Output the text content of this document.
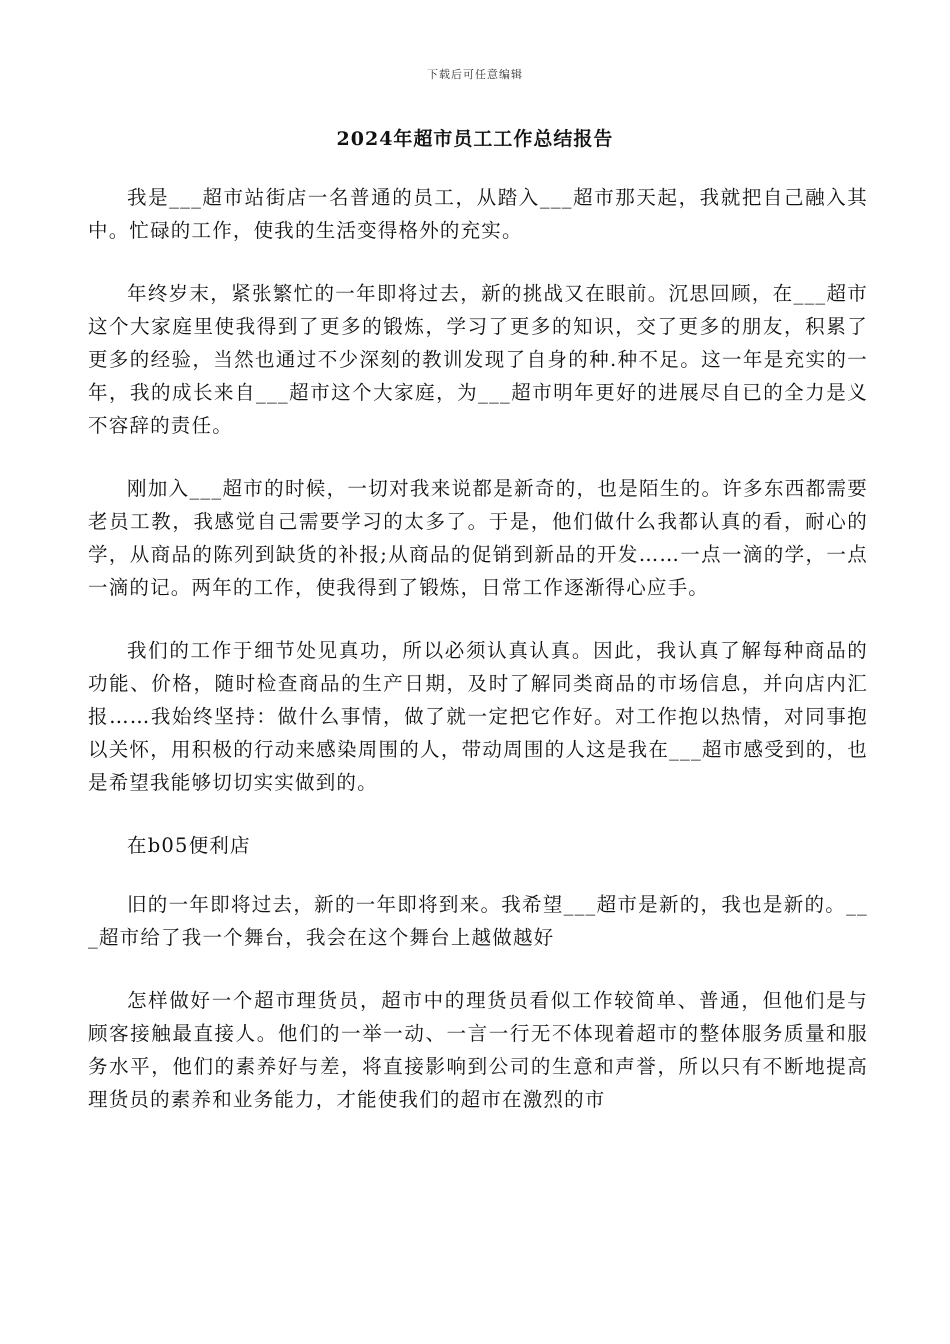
下载后可任意编辑
2024年超市员工工作总结报告

我是___超市站街店一名普通的员工，从踏入___超市那天起，我就把自己融入其中。忙碌的工作，使我的生活变得格外的充实。

年终岁末，紧张繁忙的一年即将过去，新的挑战又在眼前。沉思回顾，在___超市这个大家庭里使我得到了更多的锻炼，学习了更多的知识，交了更多的朋友，积累了更多的经验，当然也通过不少深刻的教训发现了自身的种.种不足。这一年是充实的一年，我的成长来自___超市这个大家庭，为___超市明年更好的进展尽自已的全力是义不容辞的责任。

刚加入___超市的时候，一切对我来说都是新奇的，也是陌生的。许多东西都需要老员工教，我感觉自己需要学习的太多了。于是，他们做什么我都认真的看，耐心的学，从商品的陈列到缺货的补报;从商品的促销到新品的开发……一点一滴的学，一点一滴的记。两年的工作，使我得到了锻炼，日常工作逐渐得心应手。

我们的工作于细节处见真功，所以必须认真认真。因此，我认真了解每种商品的功能、价格，随时检查商品的生产日期，及时了解同类商品的市场信息，并向店内汇报……我始终坚持：做什么事情，做了就一定把它作好。对工作抱以热情，对同事抱以关怀，用积极的行动来感染周围的人，带动周围的人这是我在___超市感受到的，也是希望我能够切切实实做到的。

在b05便利店

旧的一年即将过去，新的一年即将到来。我希望___超市是新的，我也是新的。___超市给了我一个舞台，我会在这个舞台上越做越好

怎样做好一个超市理货员，超市中的理货员看似工作较简单、普通，但他们是与顾客接触最直接人。他们的一举一动、一言一行无不体现着超市的整体服务质量和服务水平，他们的素养好与差，将直接影响到公司的生意和声誉，所以只有不断地提高理货员的素养和业务能力，才能使我们的超市在激烈的市
